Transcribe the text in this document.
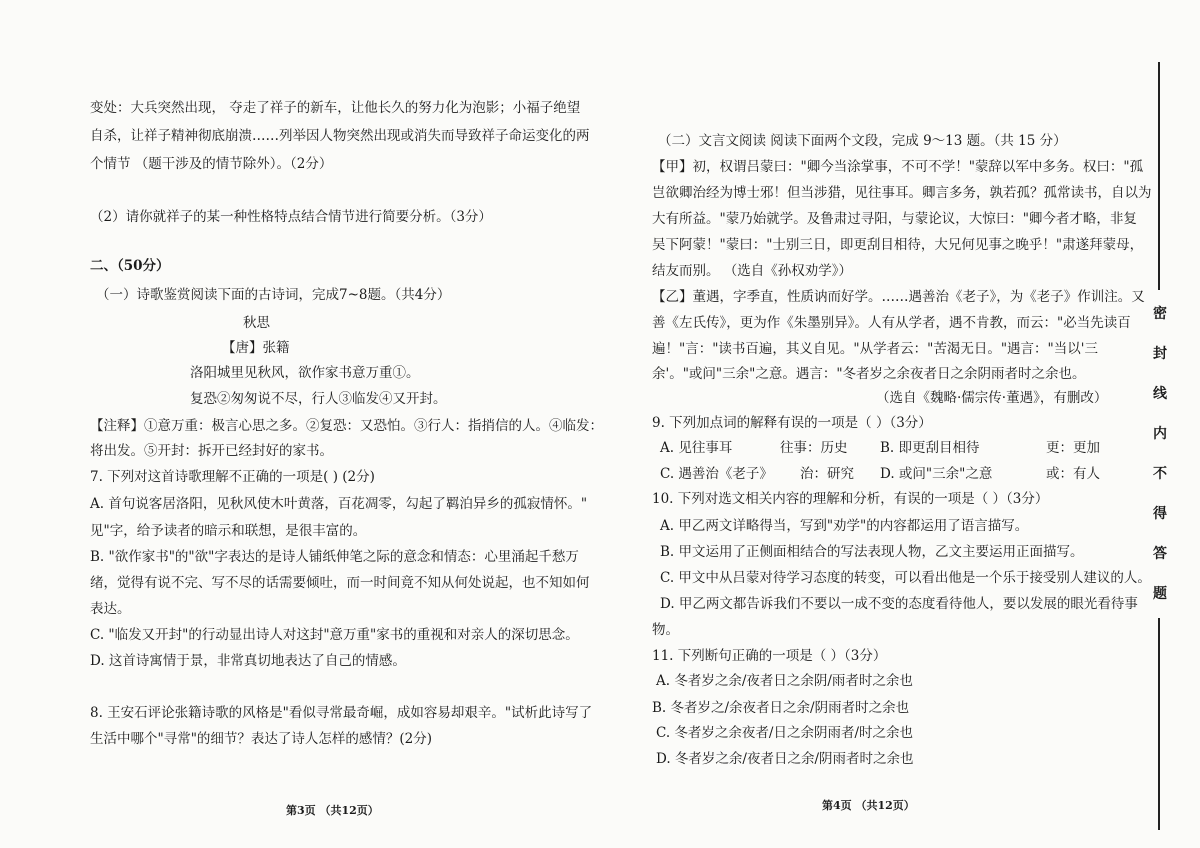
变处：大兵突然出现， 夺走了祥子的新车，让他长久的努力化为泡影；小福子绝望
自杀，让祥子精神彻底崩溃……列举因人物突然出现或消失而导致祥子命运变化的两
个情节 （题干涉及的情节除外）。（2分）
（2）请你就祥子的某一种性格特点结合情节进行简要分析。（3分）
二、（50分）
（一）诗歌鉴赏阅读下面的古诗词，完成7~8题。（共4分）
秋思
【唐】张籍
洛阳城里见秋风，欲作家书意万重①。
复恐②匆匆说不尽，行人③临发④又开封。
【注释】①意万重：极言心思之多。②复恐：又恐怕。③行人：指捎信的人。④临发：
将出发。⑤开封：拆开已经封好的家书。
7. 下列对这首诗歌理解不正确的一项是( ) (2分)
A. 首句说客居洛阳，见秋风使木叶黄落，百花凋零，勾起了羁泊异乡的孤寂情怀。"
见"字，给予读者的暗示和联想，是很丰富的。
B. "欲作家书"的"欲"字表达的是诗人铺纸伸笔之际的意念和情态：心里涌起千愁万
绪，觉得有说不完、写不尽的话需要倾吐，而一时间竟不知从何处说起，也不知如何
表达。
C. "临发又开封"的行动显出诗人对这封"意万重"家书的重视和对亲人的深切思念。
D. 这首诗寓情于景，非常真切地表达了自己的情感。
8. 王安石评论张籍诗歌的风格是"看似寻常最奇崛，成如容易却艰辛。"试析此诗写了
生活中哪个"寻常"的细节？表达了诗人怎样的感情？(2分)
第3页 （共12页）
（二）文言文阅读 阅读下面两个文段，完成 9～13 题。（共 15 分）
【甲】初，权谓吕蒙曰："卿今当涂掌事，不可不学！"蒙辞以军中多务。权曰："孤
岂欲卿治经为博士邪！但当涉猎，见往事耳。卿言多务，孰若孤？孤常读书，自以为
大有所益。"蒙乃始就学。及鲁肃过寻阳，与蒙论议，大惊曰："卿今者才略，非复
吴下阿蒙！"蒙曰："士别三日，即更刮目相待，大兄何见事之晚乎！"肃遂拜蒙母，
结友而别。 （选自《孙权劝学》）
【乙】董遇，字季直，性质讷而好学。……遇善治《老子》，为《老子》作训注。又
善《左氏传》，更为作《朱墨别异》。人有从学者，遇不肯教，而云："必当先读百
遍！"言："读书百遍，其义自见。"从学者云："苦渴无日。"遇言："当以'三
余'。"或问"三余"之意。遇言："冬者岁之余夜者日之余阴雨者时之余也。
（选自《魏略·儒宗传·董遇》，有删改）
9. 下列加点词的解释有误的一项是（ ）（3分）
A. 见往事耳	往事：历史 B. 即更刮目相待	更：更加
C. 遇善治《老子》 治：研究 D. 或问"三余"之意	或：有人
10. 下列对选文相关内容的理解和分析，有误的一项是（ ）（3分）
A. 甲乙两文详略得当，写到"劝学"的内容都运用了语言描写。
B. 甲文运用了正侧面相结合的写法表现人物，乙文主要运用正面描写。
C. 甲文中从吕蒙对待学习态度的转变，可以看出他是一个乐于接受别人建议的人。
D. 甲乙两文都告诉我们不要以一成不变的态度看待他人，要以发展的眼光看待事
物。
11. 下列断句正确的一项是（ ）（3分）
A. 冬者岁之余/夜者日之余阴/雨者时之余也
B. 冬者岁之/余夜者日之余/阴雨者时之余也
C. 冬者岁之余夜者/日之余阴雨者/时之余也
D. 冬者岁之余/夜者日之余/阴雨者时之余也
第4页 （共12页）
密
封
线
内
不
得
答
题
